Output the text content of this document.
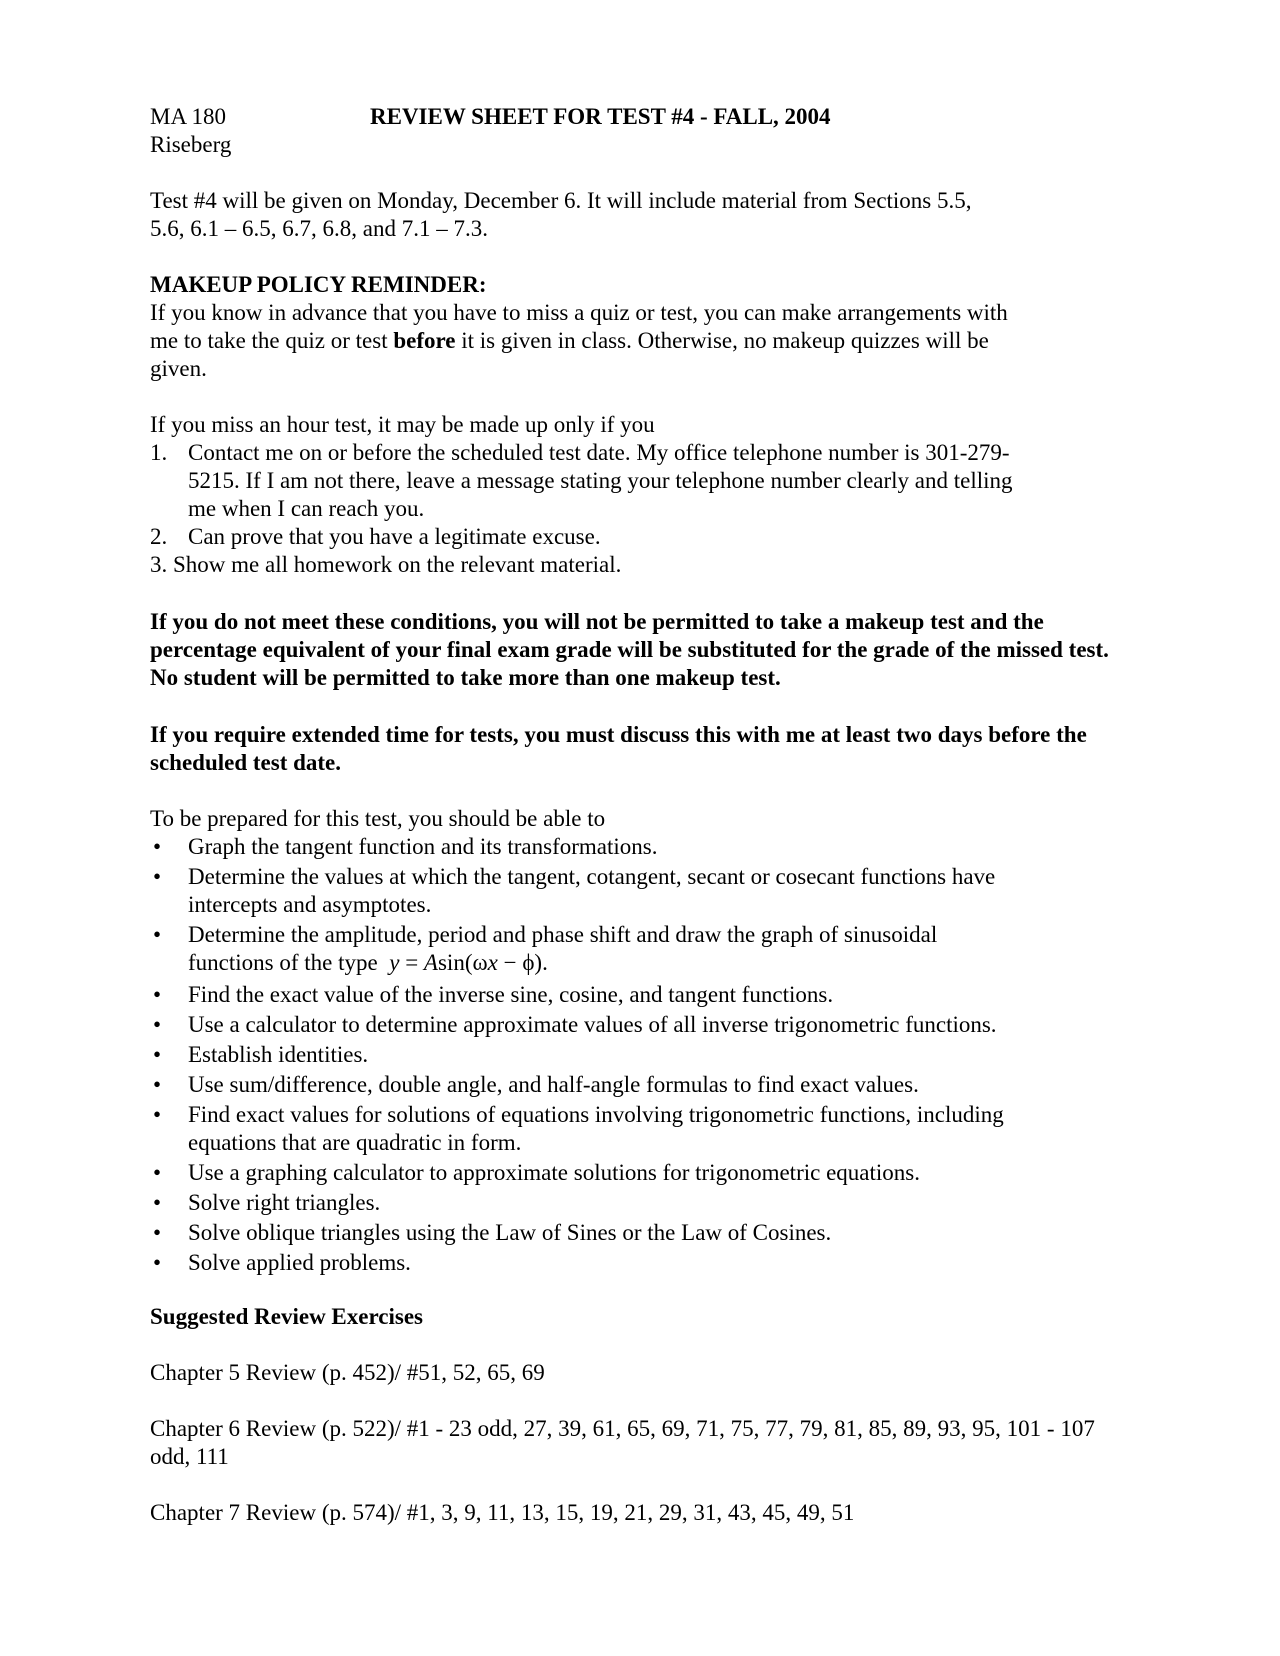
MA 180	REVIEW SHEET FOR TEST #4 - FALL, 2004
Riseberg

Test #4 will be given on Monday, December 6. It will include material from Sections 5.5, 5.6, 6.1 – 6.5, 6.7, 6.8, and 7.1 – 7.3.

MAKEUP POLICY REMINDER:

If you know in advance that you have to miss a quiz or test, you can make arrangements with me to take the quiz or test before it is given in class. Otherwise, no makeup quizzes will be given.

If you miss an hour test, it may be made up only if you

1. Contact me on or before the scheduled test date. My office telephone number is 301-279-5215. If I am not there, leave a message stating your telephone number clearly and telling me when I can reach you.
2. Can prove that you have a legitimate excuse.
3. Show me all homework on the relevant material.

If you do not meet these conditions, you will not be permitted to take a makeup test and the percentage equivalent of your final exam grade will be substituted for the grade of the missed test. No student will be permitted to take more than one makeup test.

If you require extended time for tests, you must discuss this with me at least two days before the scheduled test date.

To be prepared for this test, you should be able to

• Graph the tangent function and its transformations.
• Determine the values at which the tangent, cotangent, secant or cosecant functions have intercepts and asymptotes.
• Determine the amplitude, period and phase shift and draw the graph of sinusoidal functions of the type y = Asin(ωx − ϕ).
• Find the exact value of the inverse sine, cosine, and tangent functions.
• Use a calculator to determine approximate values of all inverse trigonometric functions.
• Establish identities.
• Use sum/difference, double angle, and half-angle formulas to find exact values.
• Find exact values for solutions of equations involving trigonometric functions, including equations that are quadratic in form.
• Use a graphing calculator to approximate solutions for trigonometric equations.
• Solve right triangles.
• Solve oblique triangles using the Law of Sines or the Law of Cosines.
• Solve applied problems.
Suggested Review Exercises

Chapter 5 Review (p. 452)/ #51, 52, 65, 69

Chapter 6 Review (p. 522)/ #1 - 23 odd, 27, 39, 61, 65, 69, 71, 75, 77, 79, 81, 85, 89, 93, 95, 101 - 107 odd, 111

Chapter 7 Review (p. 574)/ #1, 3, 9, 11, 13, 15, 19, 21, 29, 31, 43, 45, 49, 51
